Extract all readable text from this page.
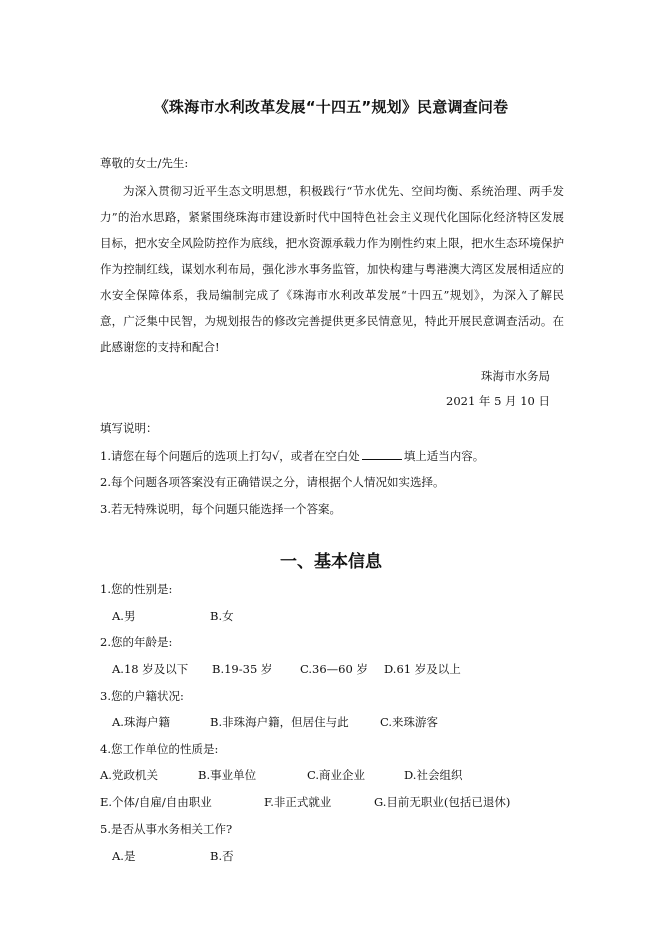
《珠海市水利改革发展“十四五”规划》民意调查问卷
尊敬的女士/先生:
为深入贯彻习近平生态文明思想，积极践行“节水优先、空间均衡、系统治理、两手发力”的治水思路，紧紧围绕珠海市建设新时代中国特色社会主义现代化国际化经济特区发展目标，把水安全风险防控作为底线，把水资源承载力作为刚性约束上限，把水生态环境保护作为控制红线，谋划水利布局，强化涉水事务监管，加快构建与粤港澳大湾区发展相适应的水安全保障体系，我局编制完成了《珠海市水利改革发展“十四五”规划》，为深入了解民意，广泛集中民智，为规划报告的修改完善提供更多民情意见，特此开展民意调查活动。在此感谢您的支持和配合!
珠海市水务局
2021 年 5 月 10 日
填写说明：
1.请您在每个问题后的选项上打勾√，或者在空白处	填上适当内容。
2.每个问题各项答案没有正确错误之分，请根据个人情况如实选择。
3.若无特殊说明，每个问题只能选择一个答案。
一、基本信息
1.您的性别是:
A.男	B.女
2.您的年龄是:
A.18 岁及以下 B.19-35 岁 C.36—60 岁 D.61 岁及以上
3.您的户籍状况:
A.珠海户籍	B.非珠海户籍，但居住与此	C.来珠游客
4.您工作单位的性质是:
A.党政机关	B.事业单位	C.商业企业	D.社会组织
E.个体/自雇/自由职业	F.非正式就业	G.目前无职业(包括已退休)
5.是否从事水务相关工作?
A.是	B.否
